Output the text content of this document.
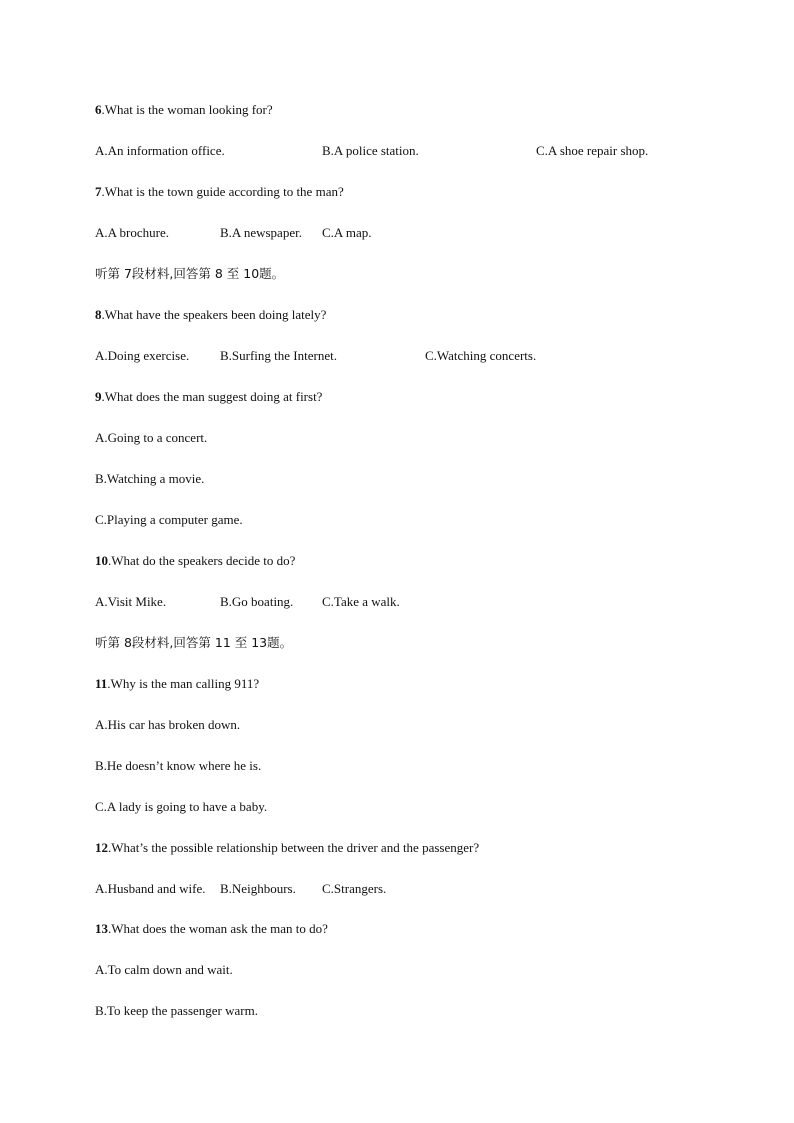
6.What is the woman looking for?
A.An information office.	B.A police station.	C.A shoe repair shop.
7.What is the town guide according to the man?
A.A brochure.	B.A newspaper. C.A map.
听第 7段材料,回答第 8 至 10题。
8.What have the speakers been doing lately?
A.Doing exercise. B.Surfing the Internet.	C.Watching concerts.
9.What does the man suggest doing at first?
A.Going to a concert.
B.Watching a movie.
C.Playing a computer game.
10.What do the speakers decide to do?
A.Visit Mike.	B.Go boating. C.Take a walk.
听第 8段材料,回答第 11 至 13题。
11.Why is the man calling 911?
A.His car has broken down.
B.He doesn’t know where he is.
C.A lady is going to have a baby.
12.What’s the possible relationship between the driver and the passenger?
A.Husband and wife. B.Neighbours. C.Strangers.
13.What does the woman ask the man to do?
A.To calm down and wait.
B.To keep the passenger warm.
